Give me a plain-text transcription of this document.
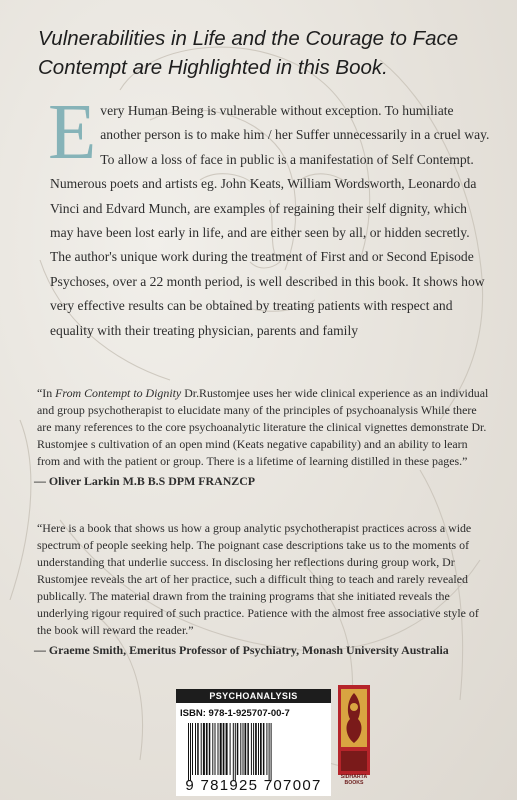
Vulnerabilities in Life and the Courage to Face Contempt are Highlighted in this Book.
E very Human Being is vulnerable without exception. To humiliate another person is to make him / her Suffer unnecessarily in a cruel way. To allow a loss of face in public is a manifestation of Self Contempt.

Numerous poets and artists eg. John Keats, William Wordsworth, Leonardo da Vinci and Edvard Munch, are examples of regaining their self dignity, which may have been lost early in life, and are either seen by all, or hidden secretly.

The author's unique work during the treatment of First and or Second Episode Psychoses, over a 22 month period, is well described in this book. It shows how very effective results can be obtained by treating patients with respect and equality with their treating physician, parents and family

“In From Contempt to Dignity Dr.Rustomjee uses her wide clinical experience as an individual and group psychotherapist to elucidate many of the principles of psychoanalysis While there are many references to the core psychoanalytic literature the clinical vignettes demonstrate Dr. Rustomjee s cultivation of an open mind (Keats negative capability) and an ability to learn from and with the patient or group. There is a lifetime of learning distilled in these pages.”

— Oliver Larkin M.B B.S DPM FRANZCP

“Here is a book that shows us how a group analytic psychotherapist practices across a wide spectrum of people seeking help. The poignant case descriptions take us to the moments of understanding that underlie success. In disclosing her reflections during group work, Dr Rustomjee reveals the art of her practice, such a difficult thing to teach and rarely revealed publically. The material drawn from the training programs that she initiated reveals the underlying rigour required of such practice. Patience with the almost free associative style of the book will reward the reader.”

— Graeme Smith, Emeritus Professor of Psychiatry, Monash University Australia
PSYCHOANALYSIS
ISBN: 978-1-925707-00-7
9 781925 707007	SIDHARTA BOOKS
